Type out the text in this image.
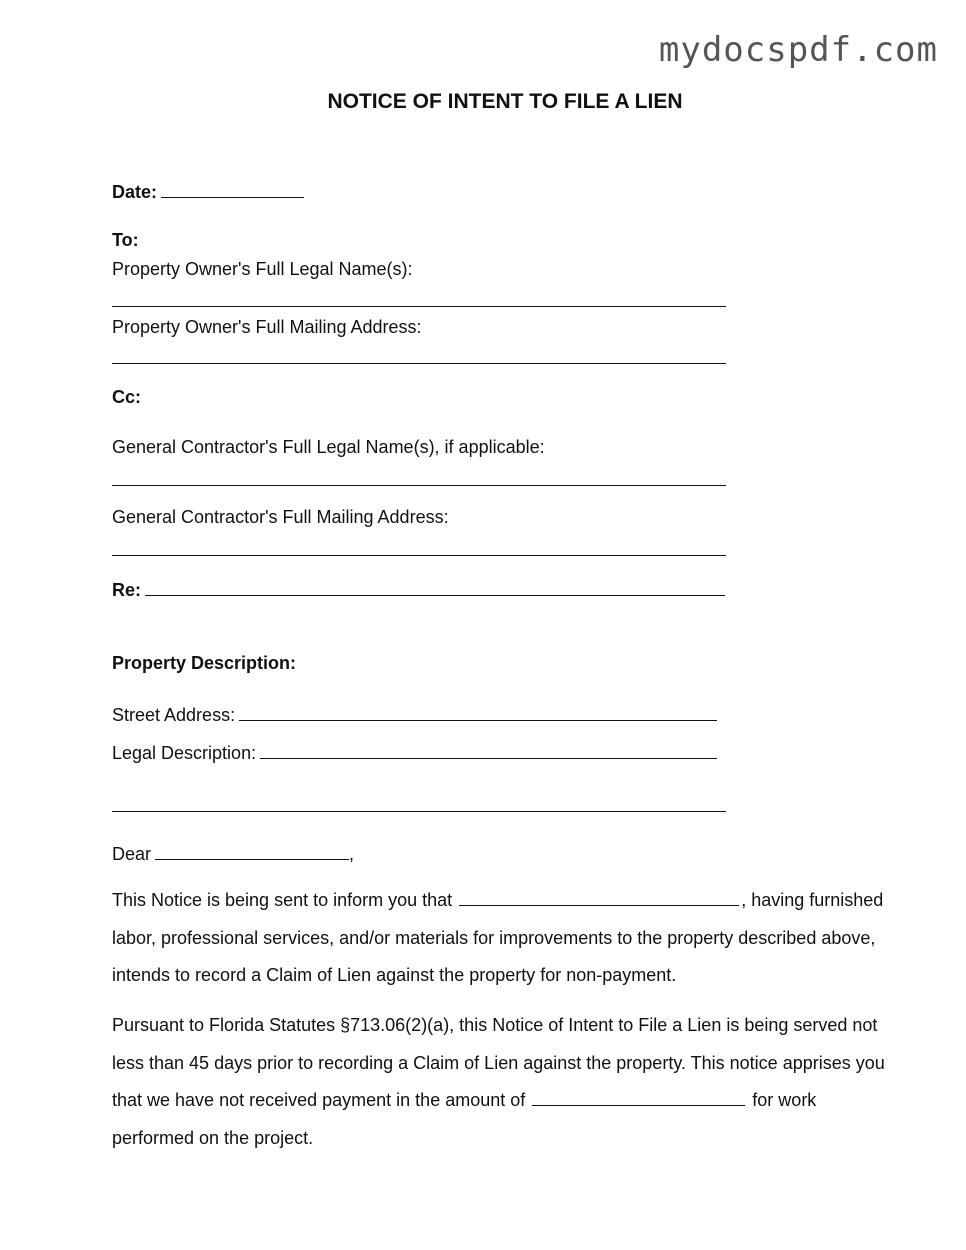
mydocspdf.com
NOTICE OF INTENT TO FILE A LIEN
Date:
To:
Property Owner's Full Legal Name(s):
Property Owner's Full Mailing Address:
Cc:
General Contractor's Full Legal Name(s), if applicable:
General Contractor's Full Mailing Address:
Re:
Property Description:
Street Address:
Legal Description:
Dear	,
This Notice is being sent to inform you that	, having furnished labor, professional services, and/or materials for improvements to the property described above, intends to record a Claim of Lien against the property for non-payment.
Pursuant to Florida Statutes §713.06(2)(a), this Notice of Intent to File a Lien is being served not less than 45 days prior to recording a Claim of Lien against the property. This notice apprises you that we have not received payment in the amount of	for work performed on the project.
